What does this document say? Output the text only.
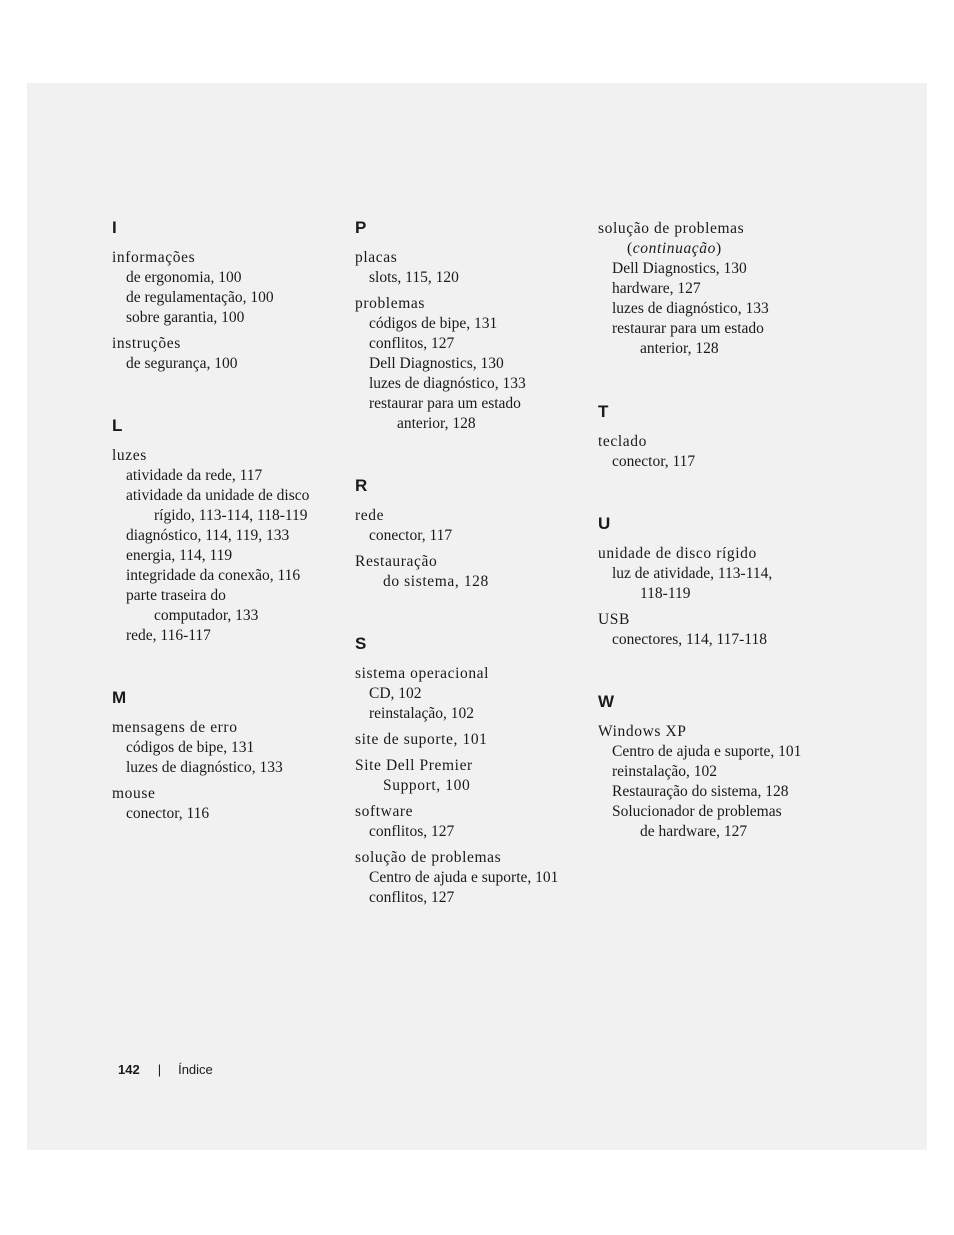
I
informações
de ergonomia, 100
de regulamentação, 100
sobre garantia, 100
instruções
de segurança, 100
L
luzes
atividade da rede, 117
atividade da unidade de disco
rígido, 113-114, 118-119
diagnóstico, 114, 119, 133
energia, 114, 119
integridade da conexão, 116
parte traseira do
computador, 133
rede, 116-117
M
mensagens de erro
códigos de bipe, 131
luzes de diagnóstico, 133
mouse
conector, 116
P
placas
slots, 115, 120
problemas
códigos de bipe, 131
conflitos, 127
Dell Diagnostics, 130
luzes de diagnóstico, 133
restaurar para um estado
anterior, 128
R
rede
conector, 117
Restauração
do sistema, 128
S
sistema operacional
CD, 102
reinstalação, 102
site de suporte, 101
Site Dell Premier
Support, 100
software
conflitos, 127
solução de problemas
Centro de ajuda e suporte, 101
conflitos, 127
solução de problemas
(continuação)
Dell Diagnostics, 130
hardware, 127
luzes de diagnóstico, 133
restaurar para um estado
anterior, 128
T
teclado
conector, 117
U
unidade de disco rígido
luz de atividade, 113-114,
118-119
USB
conectores, 114, 117-118
W
Windows XP
Centro de ajuda e suporte, 101
reinstalação, 102
Restauração do sistema, 128
Solucionador de problemas
de hardware, 127
142 | Índice
